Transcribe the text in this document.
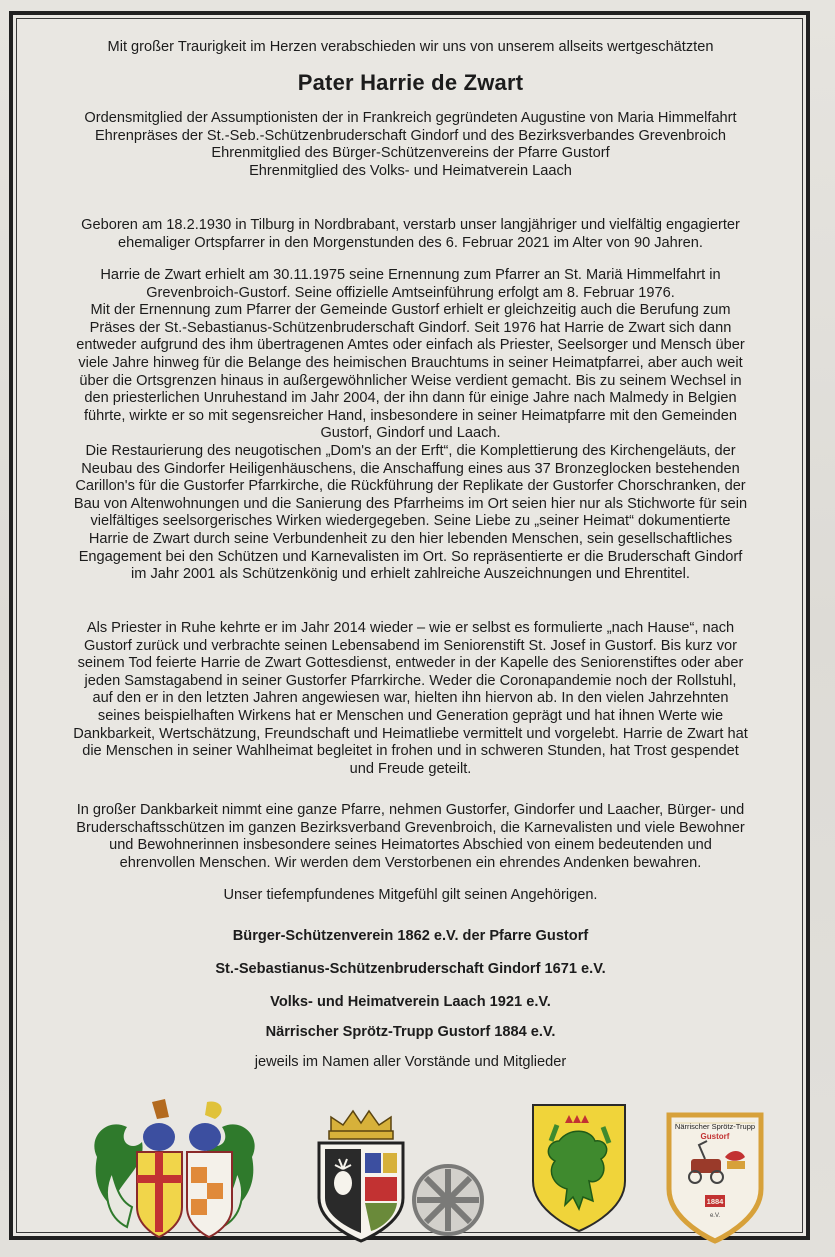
Mit großer Traurigkeit im Herzen verabschieden wir uns von unserem allseits wertgeschätzten
Pater Harrie de Zwart
Ordensmitglied der Assumptionisten der in Frankreich gegründeten Augustine von Maria Himmelfahrt
Ehrenpräses der St.-Seb.-Schützenbruderschaft Gindorf und des Bezirksverbandes Grevenbroich
Ehrenmitglied des Bürger-Schützenvereins der Pfarre Gustorf
Ehrenmitglied des Volks- und Heimatverein Laach
Geboren am 18.2.1930 in Tilburg in Nordbrabant, verstarb unser langjähriger und vielfältig engagierter
ehemaliger Ortspfarrer in den Morgenstunden des 6. Februar 2021 im Alter von 90 Jahren.
Harrie de Zwart erhielt am 30.11.1975 seine Ernennung zum Pfarrer an St. Mariä Himmelfahrt in
Grevenbroich-Gustorf. Seine offizielle Amtseinführung erfolgt am 8. Februar 1976.
Mit der Ernennung zum Pfarrer der Gemeinde Gustorf erhielt er gleichzeitig auch die Berufung zum
Präses der St.-Sebastianus-Schützenbruderschaft Gindorf. Seit 1976 hat Harrie de Zwart sich dann
entweder aufgrund des ihm übertragenen Amtes oder einfach als Priester, Seelsorger und Mensch über
viele Jahre hinweg für die Belange des heimischen Brauchtums in seiner Heimatpfarrei, aber auch weit
über die Ortsgrenzen hinaus in außergewöhnlicher Weise verdient gemacht. Bis zu seinem Wechsel in
den priesterlichen Unruhestand im Jahr 2004, der ihn dann für einige Jahre nach Malmedy in Belgien
führte, wirkte er so mit segensreicher Hand, insbesondere in seiner Heimatpfarre mit den Gemeinden
Gustorf, Gindorf und Laach.
Die Restaurierung des neugotischen „Dom's an der Erft“, die Komplettierung des Kirchengeläuts, der
Neubau des Gindorfer Heiligenhäuschens, die Anschaffung eines aus 37 Bronzeglocken bestehenden
Carillon's für die Gustorfer Pfarrkirche, die Rückführung der Replikate der Gustorfer Chorschranken, der
Bau von Altenwohnungen und die Sanierung des Pfarrheims im Ort seien hier nur als Stichworte für sein
vielfältiges seelsorgerisches Wirken wiedergegeben. Seine Liebe zu „seiner Heimat“ dokumentierte
Harrie de Zwart durch seine Verbundenheit zu den hier lebenden Menschen, sein gesellschaftliches
Engagement bei den Schützen und Karnevalisten im Ort. So repräsentierte er die Bruderschaft Gindorf
im Jahr 2001 als Schützenkönig und erhielt zahlreiche Auszeichnungen und Ehrentitel.
Als Priester in Ruhe kehrte er im Jahr 2014 wieder – wie er selbst es formulierte „nach Hause“, nach
Gustorf zurück und verbrachte seinen Lebensabend im Seniorenstift St. Josef in Gustorf. Bis kurz vor
seinem Tod feierte Harrie de Zwart Gottesdienst, entweder in der Kapelle des Seniorenstiftes oder aber
jeden Samstagabend in seiner Gustorfer Pfarrkirche. Weder die Coronapandemie noch der Rollstuhl,
auf den er in den letzten Jahren angewiesen war, hielten ihn hiervon ab. In den vielen Jahrzehnten
seines beispielhaften Wirkens hat er Menschen und Generation geprägt und hat ihnen Werte wie
Dankbarkeit, Wertschätzung, Freundschaft und Heimatliebe vermittelt und vorgelebt. Harrie de Zwart hat
die Menschen in seiner Wahlheimat begleitet in frohen und in schweren Stunden, hat Trost gespendet
und Freude geteilt.
In großer Dankbarkeit nimmt eine ganze Pfarre, nehmen Gustorfer, Gindorfer und Laacher, Bürger- und
Bruderschaftsschützen im ganzen Bezirksverband Grevenbroich, die Karnevalisten und viele Bewohner
und Bewohnerinnen insbesondere seines Heimatortes Abschied von einem bedeutenden und
ehrenvollen Menschen. Wir werden dem Verstorbenen ein ehrendes Andenken bewahren.
Unser tiefempfundenes Mitgefühl gilt seinen Angehörigen.
Bürger-Schützenverein 1862 e.V. der Pfarre Gustorf
St.-Sebastianus-Schützenbruderschaft Gindorf 1671 e.V.
Volks- und Heimatverein Laach 1921 e.V.
Närrischer Sprötz-Trupp Gustorf 1884 e.V.
jeweils im Namen aller Vorstände und Mitglieder
Närrischer Sprötz-Trupp
Gustorf
1884
e.V.
